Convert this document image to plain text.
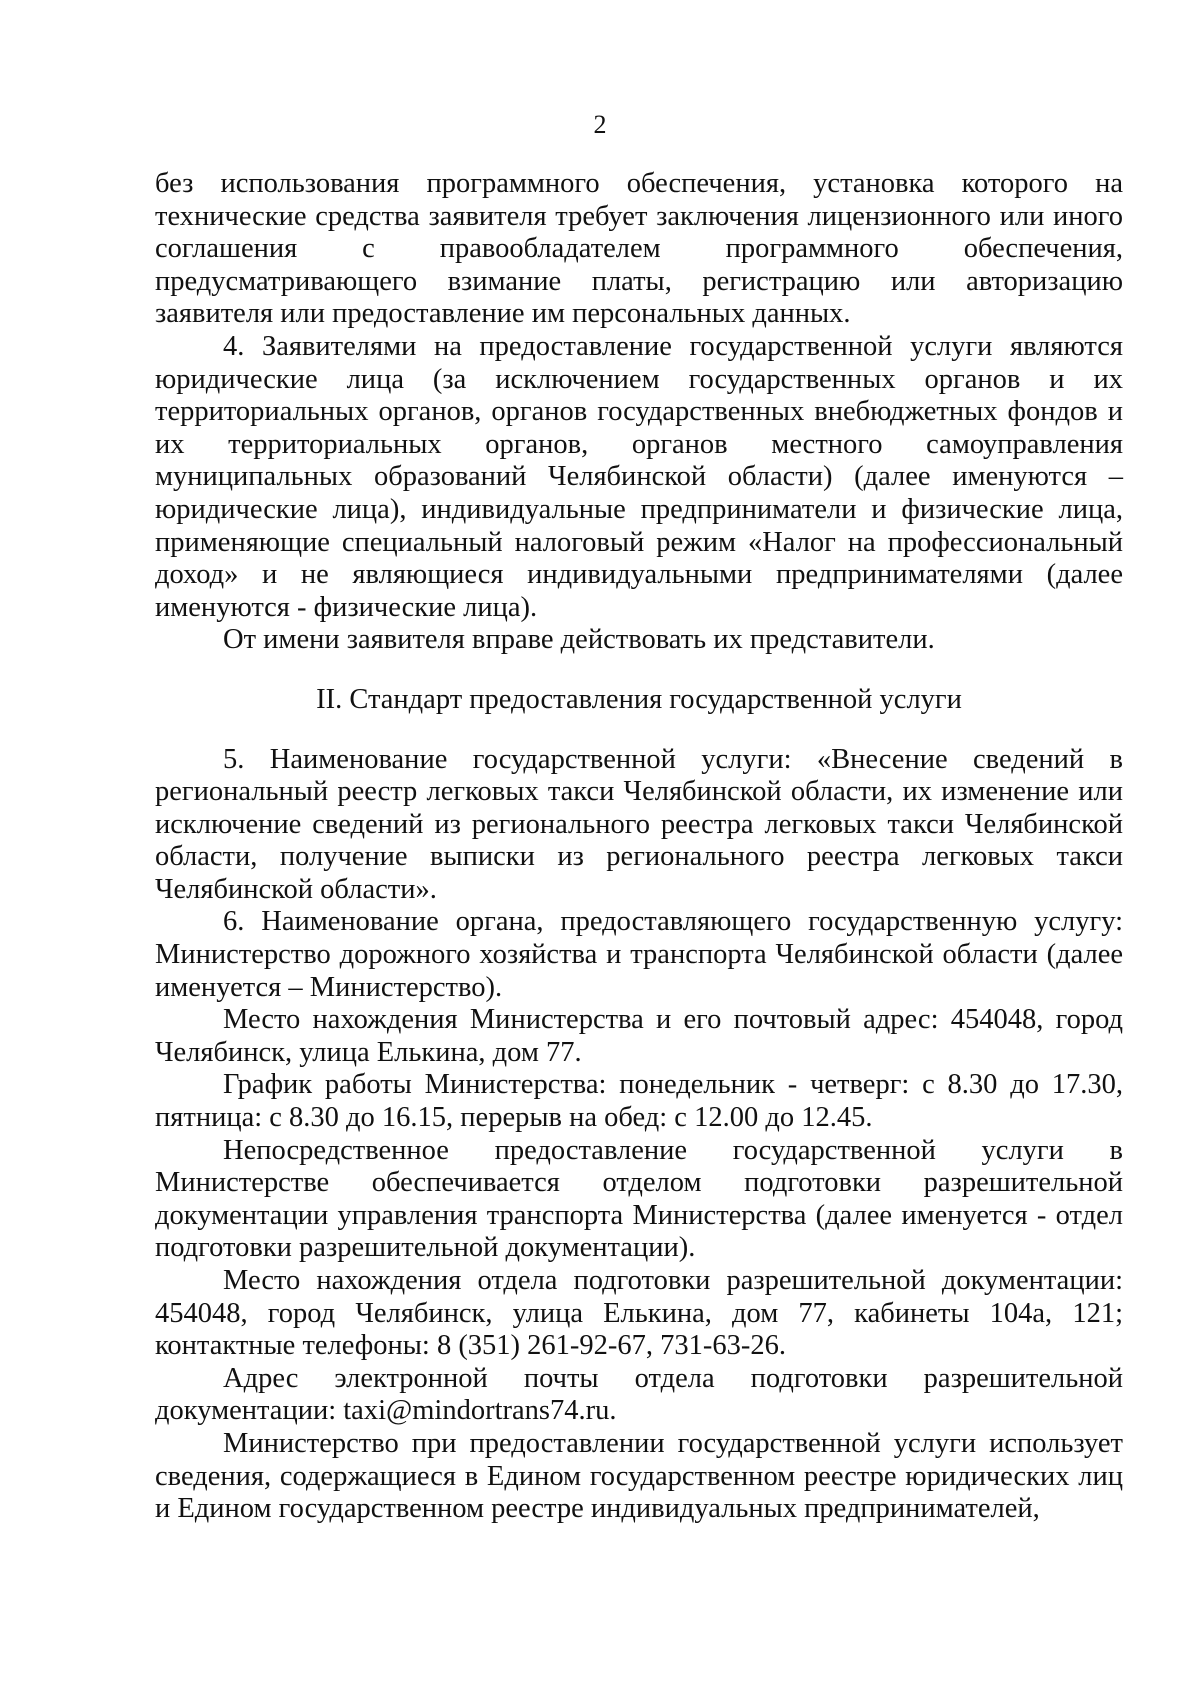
2

без использования программного обеспечения, установка которого на технические средства заявителя требует заключения лицензионного или иного соглашения с правообладателем программного обеспечения, предусматривающего взимание платы, регистрацию или авторизацию заявителя или предоставление им персональных данных.

4. Заявителями на предоставление государственной услуги являются юридические лица (за исключением государственных органов и их территориальных органов, органов государственных внебюджетных фондов и их территориальных органов, органов местного самоуправления муниципальных образований Челябинской области) (далее именуются – юридические лица), индивидуальные предприниматели и физические лица, применяющие специальный налоговый режим «Налог на профессиональный доход» и не являющиеся индивидуальными предпринимателями (далее именуются - физические лица).

От имени заявителя вправе действовать их представители.

II. Стандарт предоставления государственной услуги

5. Наименование государственной услуги: «Внесение сведений в региональный реестр легковых такси Челябинской области, их изменение или исключение сведений из регионального реестра легковых такси Челябинской области, получение выписки из регионального реестра легковых такси Челябинской области».

6. Наименование органа, предоставляющего государственную услугу: Министерство дорожного хозяйства и транспорта Челябинской области (далее именуется – Министерство).

Место нахождения Министерства и его почтовый адрес: 454048, город Челябинск, улица Елькина, дом 77.

График работы Министерства: понедельник - четверг: с 8.30 до 17.30, пятница: с 8.30 до 16.15, перерыв на обед: с 12.00 до 12.45.

Непосредственное предоставление государственной услуги в Министерстве обеспечивается отделом подготовки разрешительной документации управления транспорта Министерства (далее именуется - отдел подготовки разрешительной документации).

Место нахождения отдела подготовки разрешительной документации: 454048, город Челябинск, улица Елькина, дом 77, кабинеты 104а, 121; контактные телефоны: 8 (351) 261-92-67, 731-63-26.

Адрес электронной почты отдела подготовки разрешительной документации: taxi@mindortrans74.ru.

Министерство при предоставлении государственной услуги использует сведения, содержащиеся в Едином государственном реестре юридических лиц и Едином государственном реестре индивидуальных предпринимателей,
